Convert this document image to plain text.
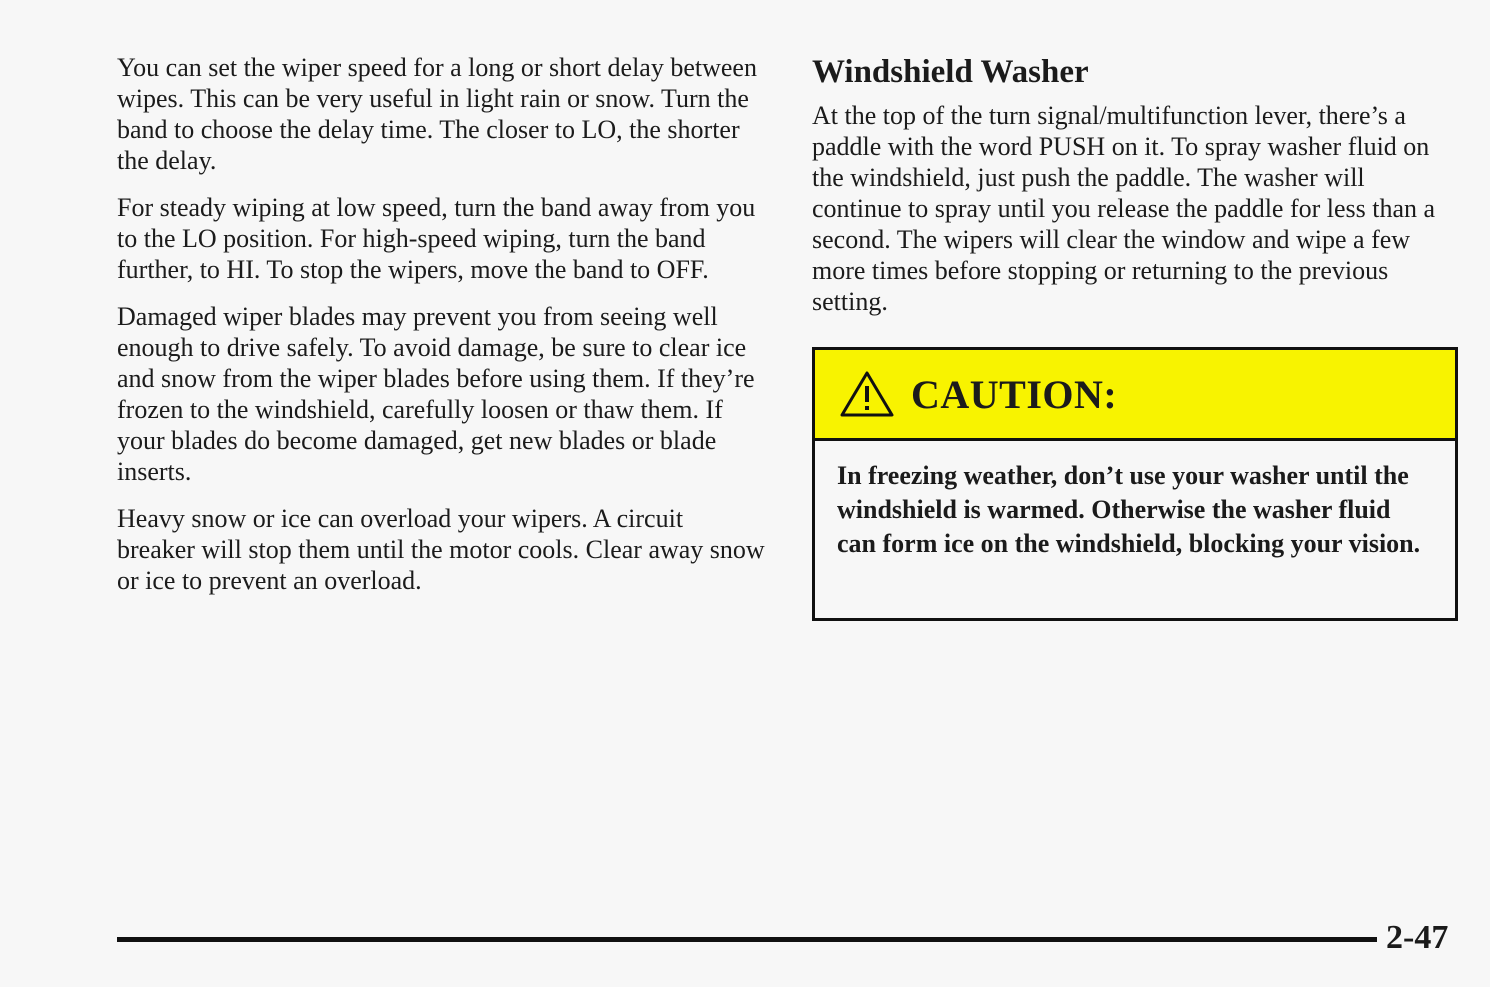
You can set the wiper speed for a long or short delay between wipes. This can be very useful in light rain or snow. Turn the band to choose the delay time. The closer to LO, the shorter the delay.

For steady wiping at low speed, turn the band away from you to the LO position. For high-speed wiping, turn the band further, to HI. To stop the wipers, move the band to OFF.

Damaged wiper blades may prevent you from seeing well enough to drive safely. To avoid damage, be sure to clear ice and snow from the wiper blades before using them. If they’re frozen to the windshield, carefully loosen or thaw them. If your blades do become damaged, get new blades or blade inserts.

Heavy snow or ice can overload your wipers. A circuit breaker will stop them until the motor cools. Clear away snow or ice to prevent an overload.

Windshield Washer

At the top of the turn signal/multifunction lever, there’s a paddle with the word PUSH on it. To spray washer fluid on the windshield, just push the paddle. The washer will continue to spray until you release the paddle for less than a second. The wipers will clear the window and wipe a few more times before stopping or returning to the previous setting.

CAUTION:
In freezing weather, don’t use your washer until the windshield is warmed. Otherwise the washer fluid can form ice on the windshield, blocking your vision.
2-47
